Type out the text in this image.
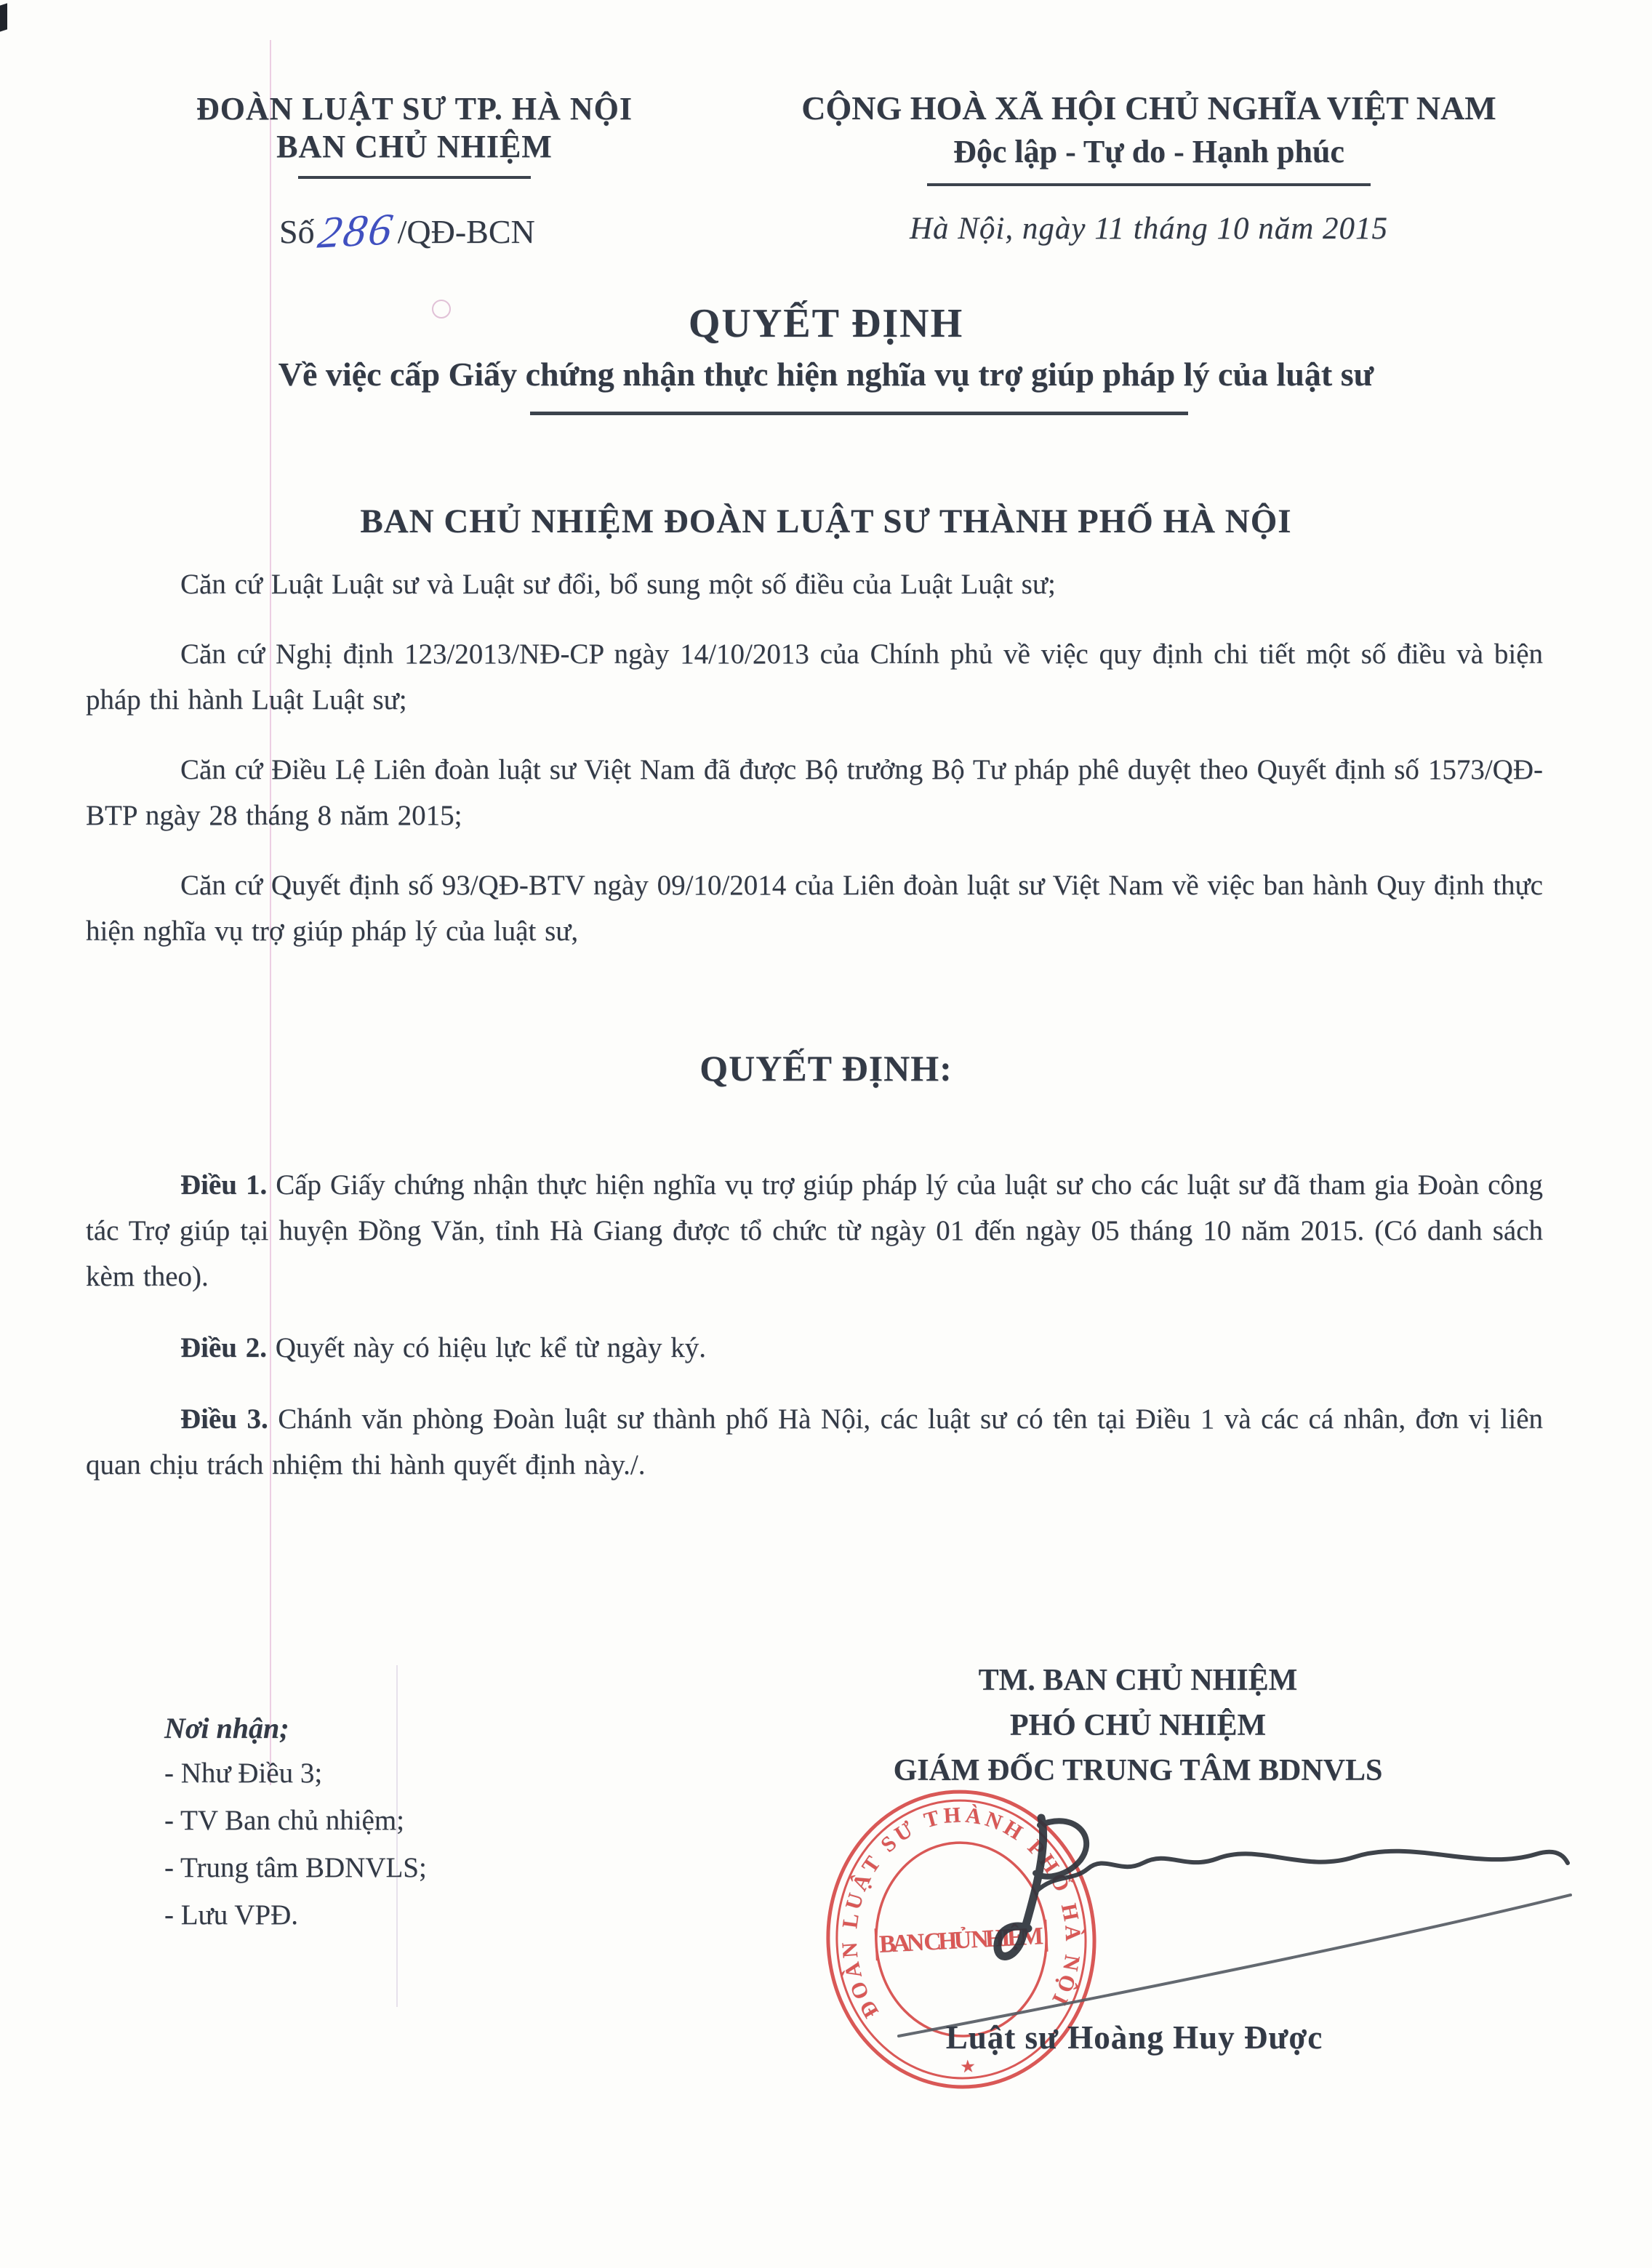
ĐOÀN LUẬT SƯ TP. HÀ NỘI
BAN CHỦ NHIỆM
Số286/QĐ-BCN
CỘNG HOÀ XÃ HỘI CHỦ NGHĨA VIỆT NAM
Độc lập - Tự do - Hạnh phúc
Hà Nội, ngày 11 tháng 10 năm 2015
QUYẾT ĐỊNH
Về việc cấp Giấy chứng nhận thực hiện nghĩa vụ trợ giúp pháp lý của luật sư
BAN CHỦ NHIỆM ĐOÀN LUẬT SƯ THÀNH PHỐ HÀ NỘI

Căn cứ Luật Luật sư và Luật sư đổi, bổ sung một số điều của Luật Luật sư;

Căn cứ Nghị định 123/2013/NĐ-CP ngày 14/10/2013 của Chính phủ về việc quy định chi tiết một số điều và biện pháp thi hành Luật Luật sư;

Căn cứ Điều Lệ Liên đoàn luật sư Việt Nam đã được Bộ trưởng Bộ Tư pháp phê duyệt theo Quyết định số 1573/QĐ-BTP ngày 28 tháng 8 năm 2015;

Căn cứ Quyết định số 93/QĐ-BTV ngày 09/10/2014 của Liên đoàn luật sư Việt Nam về việc ban hành Quy định thực hiện nghĩa vụ trợ giúp pháp lý của luật sư,

QUYẾT ĐỊNH:

Điều 1. Cấp Giấy chứng nhận thực hiện nghĩa vụ trợ giúp pháp lý của luật sư cho các luật sư đã tham gia Đoàn công tác Trợ giúp tại huyện Đồng Văn, tỉnh Hà Giang được tổ chức từ ngày 01 đến ngày 05 tháng 10 năm 2015. (Có danh sách kèm theo).

Điều 2. Quyết này có hiệu lực kể từ ngày ký.

Điều 3. Chánh văn phòng Đoàn luật sư thành phố Hà Nội, các luật sư có tên tại Điều 1 và các cá nhân, đơn vị liên quan chịu trách nhiệm thi hành quyết định này./.

Nơi nhận;
- Như Điều 3;
- TV Ban chủ nhiệm;
- Trung tâm BDNVLS;
- Lưu VPĐ.
TM. BAN CHỦ NHIỆM
PHÓ CHỦ NHIỆM
GIÁM ĐỐC TRUNG TÂM BDNVLS
ĐOÀN LUẬT SƯ THÀNH PHỐ HÀ NỘI
BAN CHỦ NHIỆM
★
Luật sư Hoàng Huy Được
